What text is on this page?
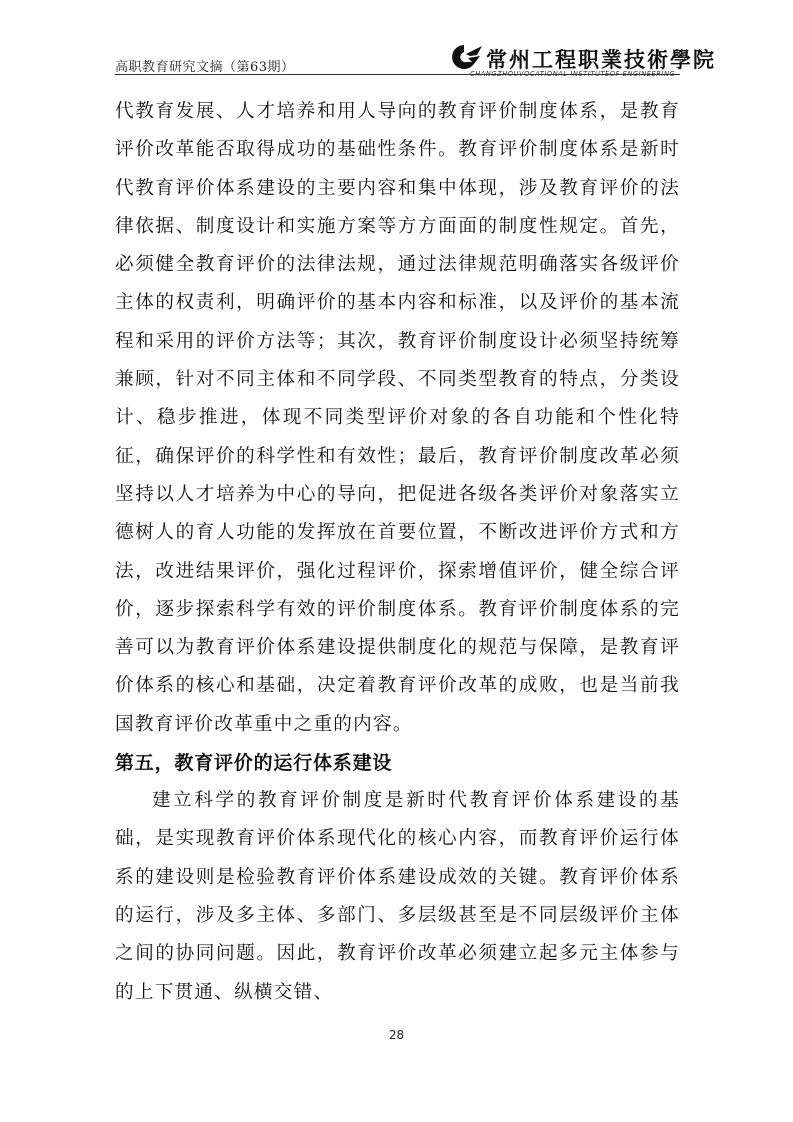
高职教育研究文摘（第63期）	常州工程职業技術學院
CHANGZHOUVOCATIONAL INSTITUTEOF ENGINEERING

代教育发展、人才培养和用人导向的教育评价制度体系，是教育评价改革能否取得成功的基础性条件。教育评价制度体系是新时代教育评价体系建设的主要内容和集中体现，涉及教育评价的法律依据、制度设计和实施方案等方方面面的制度性规定。首先，必须健全教育评价的法律法规，通过法律规范明确落实各级评价主体的权责利，明确评价的基本内容和标准，以及评价的基本流程和采用的评价方法等；其次，教育评价制度设计必须坚持统筹兼顾，针对不同主体和不同学段、不同类型教育的特点，分类设计、稳步推进，体现不同类型评价对象的各自功能和个性化特征，确保评价的科学性和有效性；最后，教育评价制度改革必须坚持以人才培养为中心的导向，把促进各级各类评价对象落实立德树人的育人功能的发挥放在首要位置，不断改进评价方式和方法，改进结果评价，强化过程评价，探索增值评价，健全综合评价，逐步探索科学有效的评价制度体系。教育评价制度体系的完善可以为教育评价体系建设提供制度化的规范与保障，是教育评价体系的核心和基础，决定着教育评价改革的成败，也是当前我国教育评价改革重中之重的内容。

第五，教育评价的运行体系建设

建立科学的教育评价制度是新时代教育评价体系建设的基础，是实现教育评价体系现代化的核心内容，而教育评价运行体系的建设则是检验教育评价体系建设成效的关键。教育评价体系的运行，涉及多主体、多部门、多层级甚至是不同层级评价主体之间的协同问题。因此，教育评价改革必须建立起多元主体参与的上下贯通、纵横交错、

28
